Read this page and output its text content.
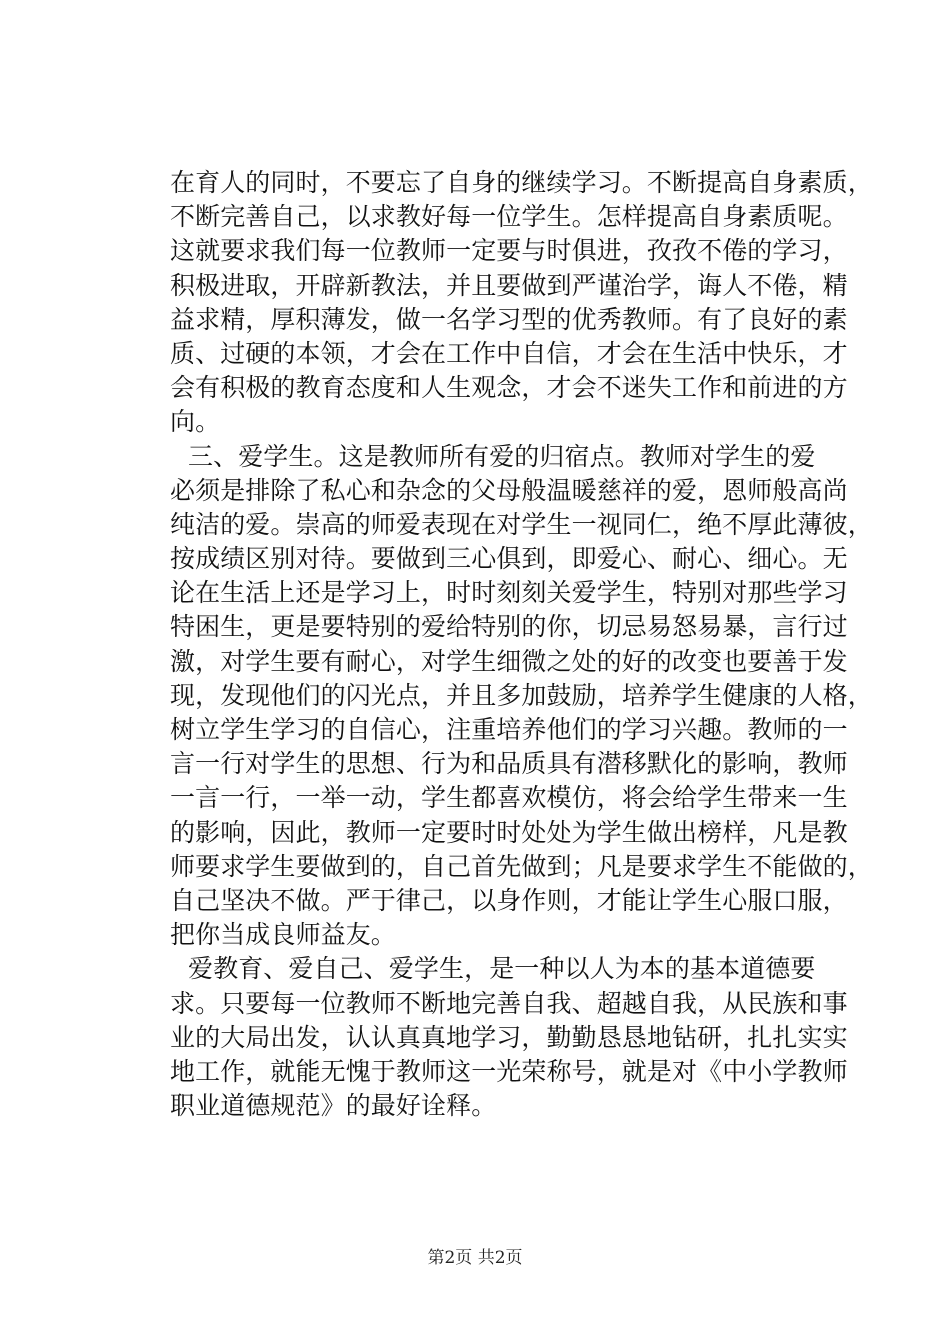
在育人的同时，不要忘了自身的继续学习。不断提高自身素质，
不断完善自己，以求教好每一位学生。怎样提高自身素质呢。
这就要求我们每一位教师一定要与时俱进，孜孜不倦的学习，
积极进取，开辟新教法，并且要做到严谨治学，诲人不倦，精
益求精，厚积薄发，做一名学习型的优秀教师。有了良好的素
质、过硬的本领，才会在工作中自信，才会在生活中快乐，才
会有积极的教育态度和人生观念，才会不迷失工作和前进的方
向。
三、爱学生。这是教师所有爱的归宿点。教师对学生的爱
必须是排除了私心和杂念的父母般温暖慈祥的爱，恩师般高尚
纯洁的爱。崇高的师爱表现在对学生一视同仁，绝不厚此薄彼，
按成绩区别对待。要做到三心俱到，即爱心、耐心、细心。无
论在生活上还是学习上，时时刻刻关爱学生，特别对那些学习
特困生，更是要特别的爱给特别的你，切忌易怒易暴，言行过
激，对学生要有耐心，对学生细微之处的好的改变也要善于发
现，发现他们的闪光点，并且多加鼓励，培养学生健康的人格，
树立学生学习的自信心，注重培养他们的学习兴趣。教师的一
言一行对学生的思想、行为和品质具有潜移默化的影响，教师
一言一行，一举一动，学生都喜欢模仿，将会给学生带来一生
的影响，因此，教师一定要时时处处为学生做出榜样，凡是教
师要求学生要做到的，自己首先做到；凡是要求学生不能做的，
自己坚决不做。严于律己，以身作则，才能让学生心服口服，
把你当成良师益友。
爱教育、爱自己、爱学生，是一种以人为本的基本道德要
求。只要每一位教师不断地完善自我、超越自我，从民族和事
业的大局出发，认认真真地学习，勤勤恳恳地钻研，扎扎实实
地工作，就能无愧于教师这一光荣称号，就是对《中小学教师
职业道德规范》的最好诠释。
第2页 共2页
